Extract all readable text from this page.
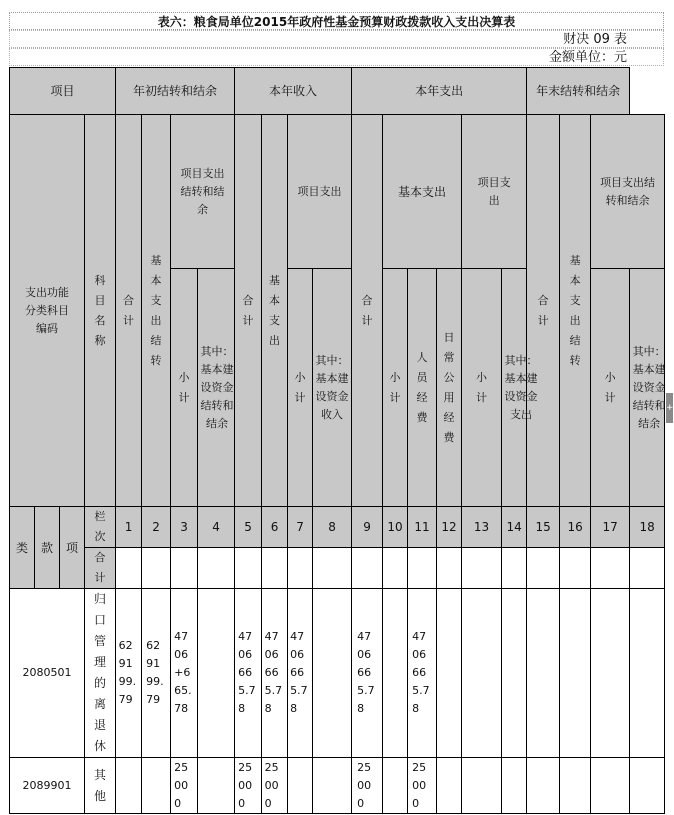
表六：粮食局单位2015年政府性基金预算财政拨款收入支出决算表
财决 09 表
金额单位：元
项目				年初结转和结余				本年收入				本年支出						年末结转和结余			
支出功能分类科目编码			科目名称	合计	基本支出结转	项目支出结转和结余		合计	基本支出	项目支出		合计	基本支出			项目支出		合计	基本支出结转	项目支出结转和结余	
						小计	其中：基本建设资金结转和结余			小计	其中：基本建设资金收入		小计	人员经费	日常公用经费	小计	其中：基本建设资金支出			小计	其中：基本建设资金结转和结余
类	款	项	栏次	1	2	3	4	5	6	7	8	9	10	11	12	13	14	15	16	17	18
			合计																		
2080501			归口管理的离退休	629199.79	629199.79	4706+665.78		4706665.78	4706665.78	4706665.78		4706665.78		4706665.78							
2089901			其他			25000		25000	25000			25000		25000							
+
